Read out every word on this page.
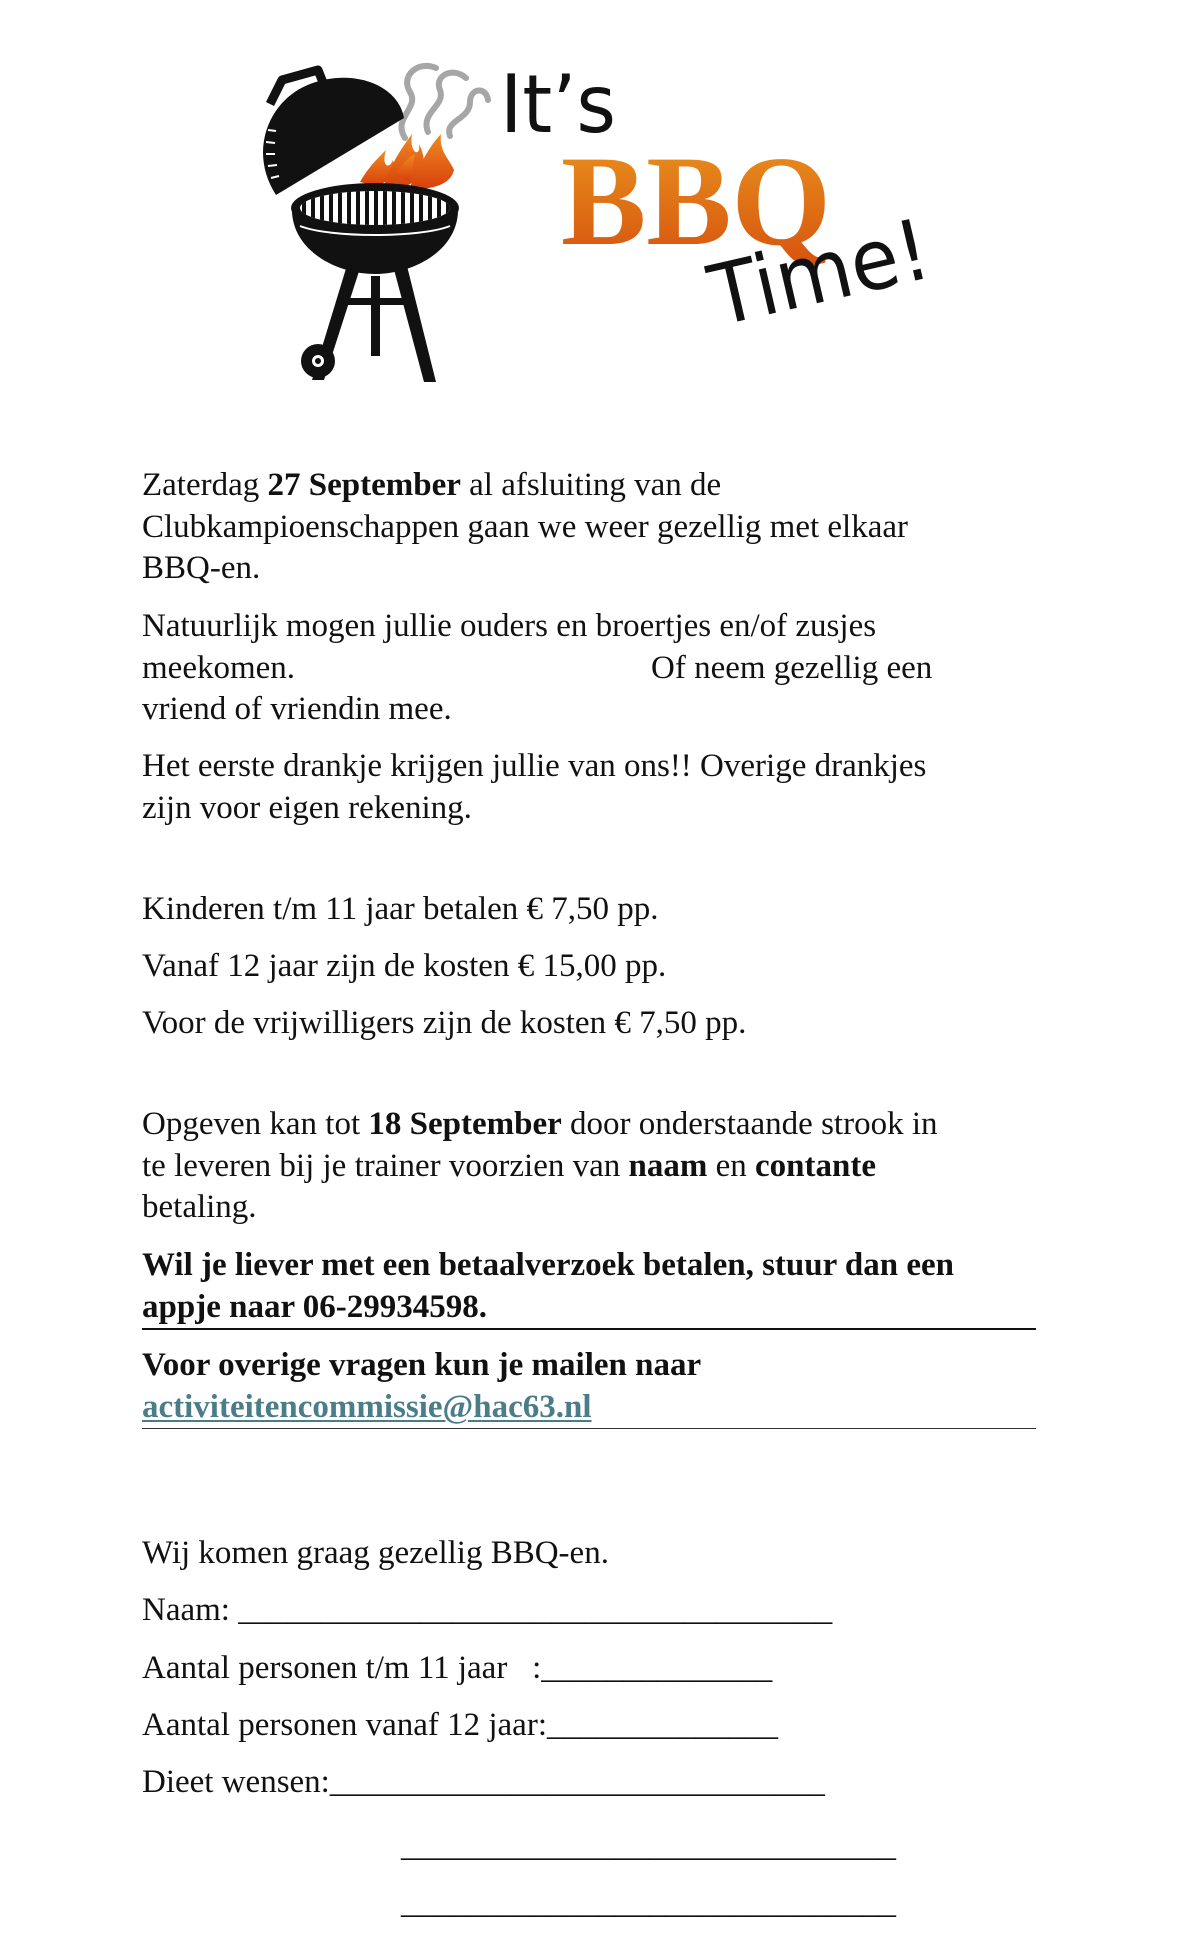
It’s
BBQ
Time!
Zaterdag 27 September al afsluiting van de
Clubkampioenschappen gaan we weer gezellig met elkaar
BBQ-en.
Natuurlijk mogen jullie ouders en broertjes en/of zusjes
meekomen.	Of neem gezellig een
vriend of vriendin mee.
Het eerste drankje krijgen jullie van ons!! Overige drankjes
zijn voor eigen rekening.
Kinderen t/m 11 jaar betalen € 7,50 pp.
Vanaf 12 jaar zijn de kosten € 15,00 pp.
Voor de vrijwilligers zijn de kosten € 7,50 pp.
Opgeven kan tot 18 September door onderstaande strook in
te leveren bij je trainer voorzien van naam en contante
betaling.
Wil je liever met een betaalverzoek betalen, stuur dan een
appje naar 06-29934598.
Voor overige vragen kun je mailen naar
activiteitencommissie@hac63.nl
Wij komen graag gezellig BBQ-en.
Naam: ____________________________________
Aantal personen t/m 11 jaar   :______________
Aantal personen vanaf 12 jaar:______________
Dieet wensen:______________________________
______________________________
______________________________
